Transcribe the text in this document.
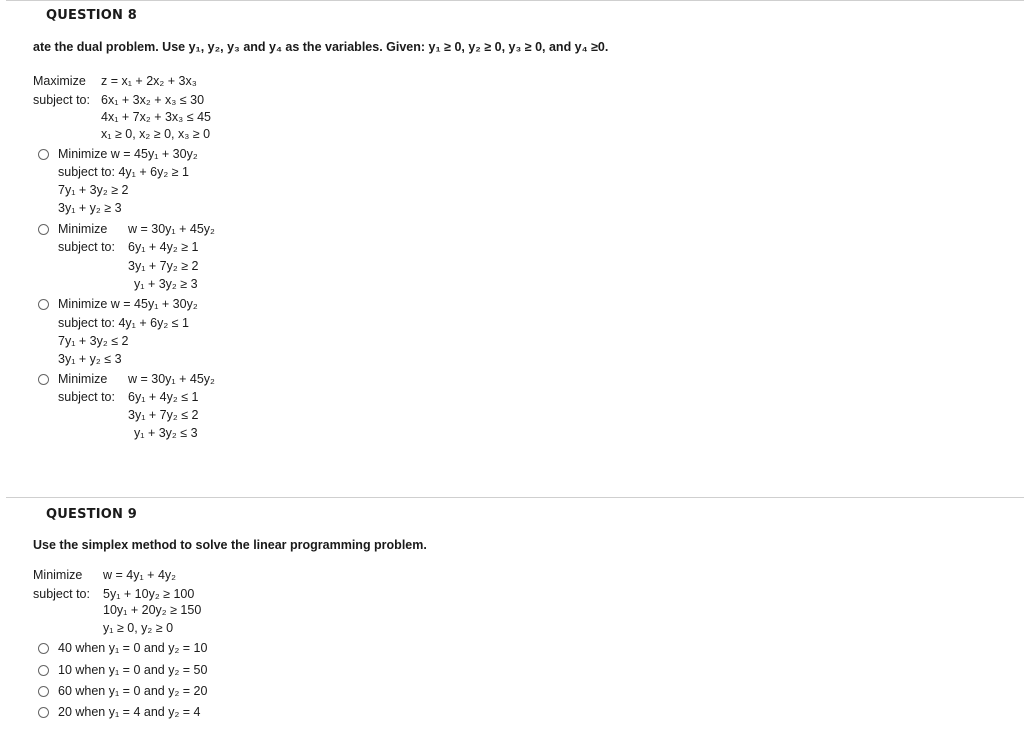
QUESTION 8
ate the dual problem. Use y₁, y₂, y₃ and y₄ as the variables. Given: y₁ ≥ 0, y₂ ≥ 0, y₃ ≥ 0, and y₄ ≥0.
Maximize z = x₁ + 2x₂ + 3x₃
subject to: 6x₁ + 3x₂ + x₃ ≤ 30
4x₁ + 7x₂ + 3x₃ ≤ 45
x₁ ≥ 0, x₂ ≥ 0, x₃ ≥ 0
Minimize w = 45y₁ + 30y₂
subject to: 4y₁ + 6y₂ ≥ 1
7y₁ + 3y₂ ≥ 2
3y₁ + y₂ ≥ 3
Minimize w = 30y₁ + 45y₂
subject to: 6y₁ + 4y₂ ≥ 1
3y₁ + 7y₂ ≥ 2
y₁ + 3y₂ ≥ 3
Minimize w = 45y₁ + 30y₂
subject to: 4y₁ + 6y₂ ≤ 1
7y₁ + 3y₂ ≤ 2
3y₁ + y₂ ≤ 3
Minimize w = 30y₁ + 45y₂
subject to: 6y₁ + 4y₂ ≤ 1
3y₁ + 7y₂ ≤ 2
y₁ + 3y₂ ≤ 3
QUESTION 9
Use the simplex method to solve the linear programming problem.
Minimize w = 4y₁ + 4y₂
subject to: 5y₁ + 10y₂ ≥ 100
10y₁ + 20y₂ ≥ 150
y₁ ≥ 0, y₂ ≥ 0
40 when y₁ = 0 and y₂ = 10
10 when y₁ = 0 and y₂ = 50
60 when y₁ = 0 and y₂ = 20
20 when y₁ = 4 and y₂ = 4
